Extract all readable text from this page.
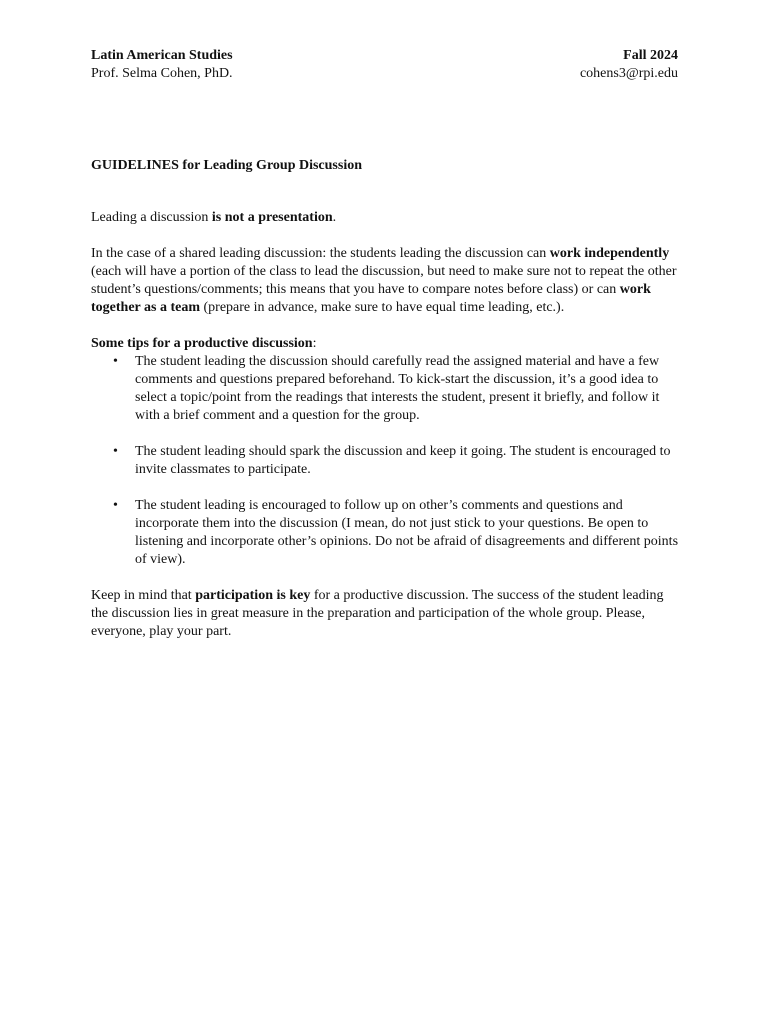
Latin American Studies	Fall 2024
Prof. Selma Cohen, PhD.	cohens3@rpi.edu
GUIDELINES for Leading Group Discussion

Leading a discussion is not a presentation.

In the case of a shared leading discussion: the students leading the discussion can work independently (each will have a portion of the class to lead the discussion, but need to make sure not to repeat the other student’s questions/comments; this means that you have to compare notes before class) or can work together as a team (prepare in advance, make sure to have equal time leading, etc.).

Some tips for a productive discussion:

• The student leading the discussion should carefully read the assigned material and have a few comments and questions prepared beforehand. To kick-start the discussion, it’s a good idea to select a topic/point from the readings that interests the student, present it briefly, and follow it with a brief comment and a question for the group.
• The student leading should spark the discussion and keep it going. The student is encouraged to invite classmates to participate.
• The student leading is encouraged to follow up on other’s comments and questions and incorporate them into the discussion (I mean, do not just stick to your questions. Be open to listening and incorporate other’s opinions. Do not be afraid of disagreements and different points of view).

Keep in mind that participation is key for a productive discussion. The success of the student leading the discussion lies in great measure in the preparation and participation of the whole group. Please, everyone, play your part.
